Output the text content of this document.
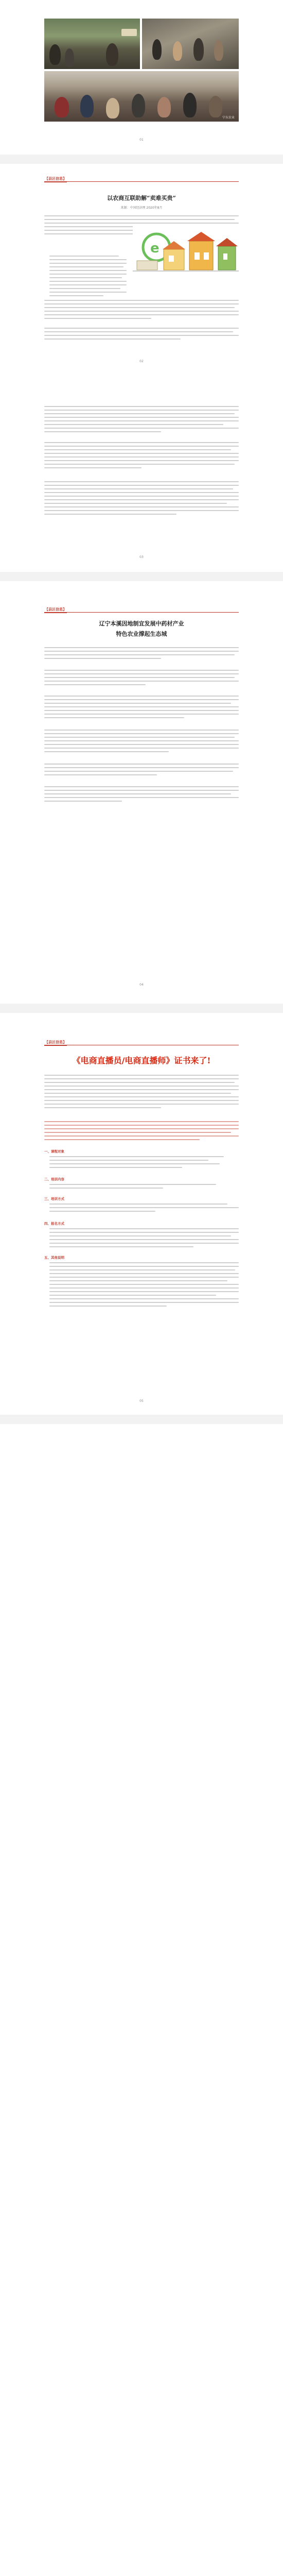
宁东农业
01
【县区信息】
以农商互联助解“卖难买贵”
来源：中国经济网 2020年8月
e
02
03
【县区信息】
辽宁本溪因地制宜发展中药材产业
特色农业撑起生态城
04
【县区信息】
《电商直播员/电商直播师》证书来了!
一、课程对象
二、培训内容
三、培训方式
四、报名方式
五、其他说明
05
